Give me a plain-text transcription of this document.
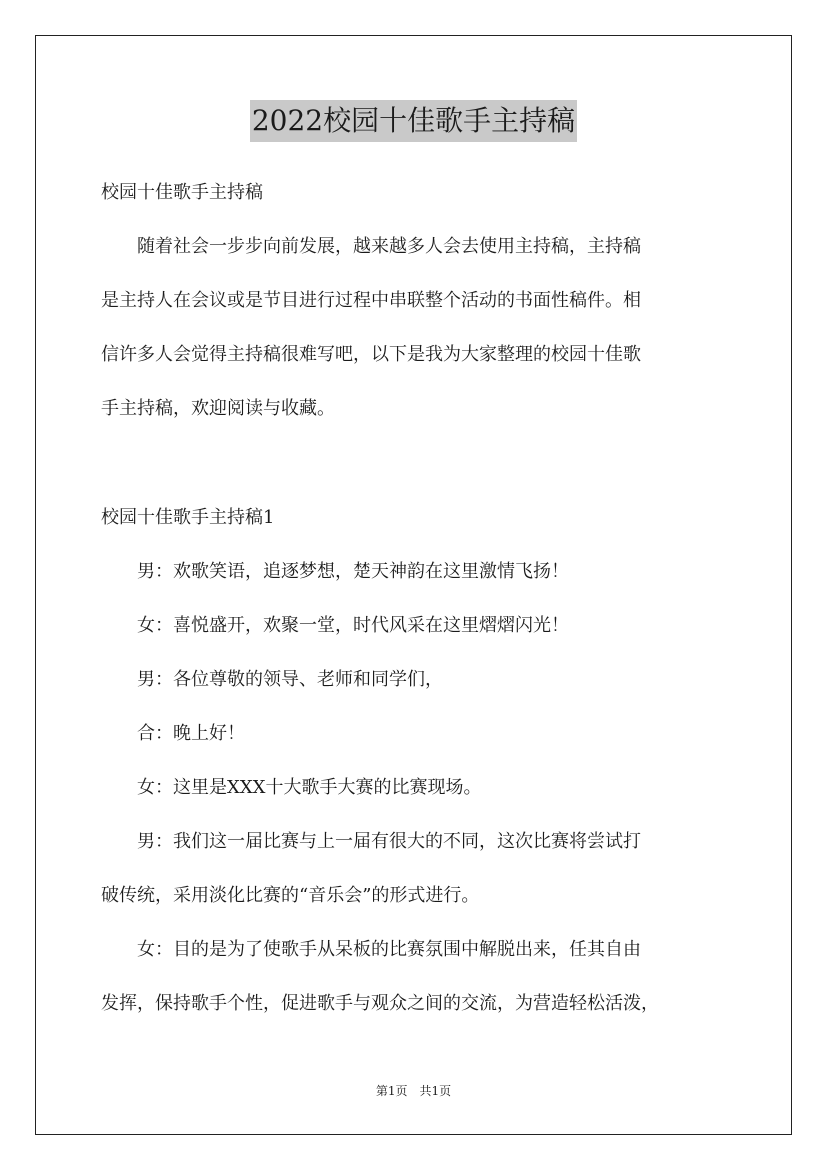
2022校园十佳歌手主持稿

校园十佳歌手主持稿

　　随着社会一步步向前发展，越来越多人会去使用主持稿，主持稿

是主持人在会议或是节目进行过程中串联整个活动的书面性稿件。相

信许多人会觉得主持稿很难写吧，以下是我为大家整理的校园十佳歌

手主持稿，欢迎阅读与收藏。

校园十佳歌手主持稿1

　　男：欢歌笑语，追逐梦想，楚天神韵在这里激情飞扬！

　　女：喜悦盛开，欢聚一堂，时代风采在这里熠熠闪光！

　　男：各位尊敬的领导、老师和同学们，

　　合：晚上好！

　　女：这里是XXX十大歌手大赛的比赛现场。

　　男：我们这一届比赛与上一届有很大的不同，这次比赛将尝试打

破传统，采用淡化比赛的“音乐会”的形式进行。

　　女：目的是为了使歌手从呆板的比赛氛围中解脱出来，任其自由

发挥，保持歌手个性，促进歌手与观众之间的交流，为营造轻松活泼，

第1页　共1页
